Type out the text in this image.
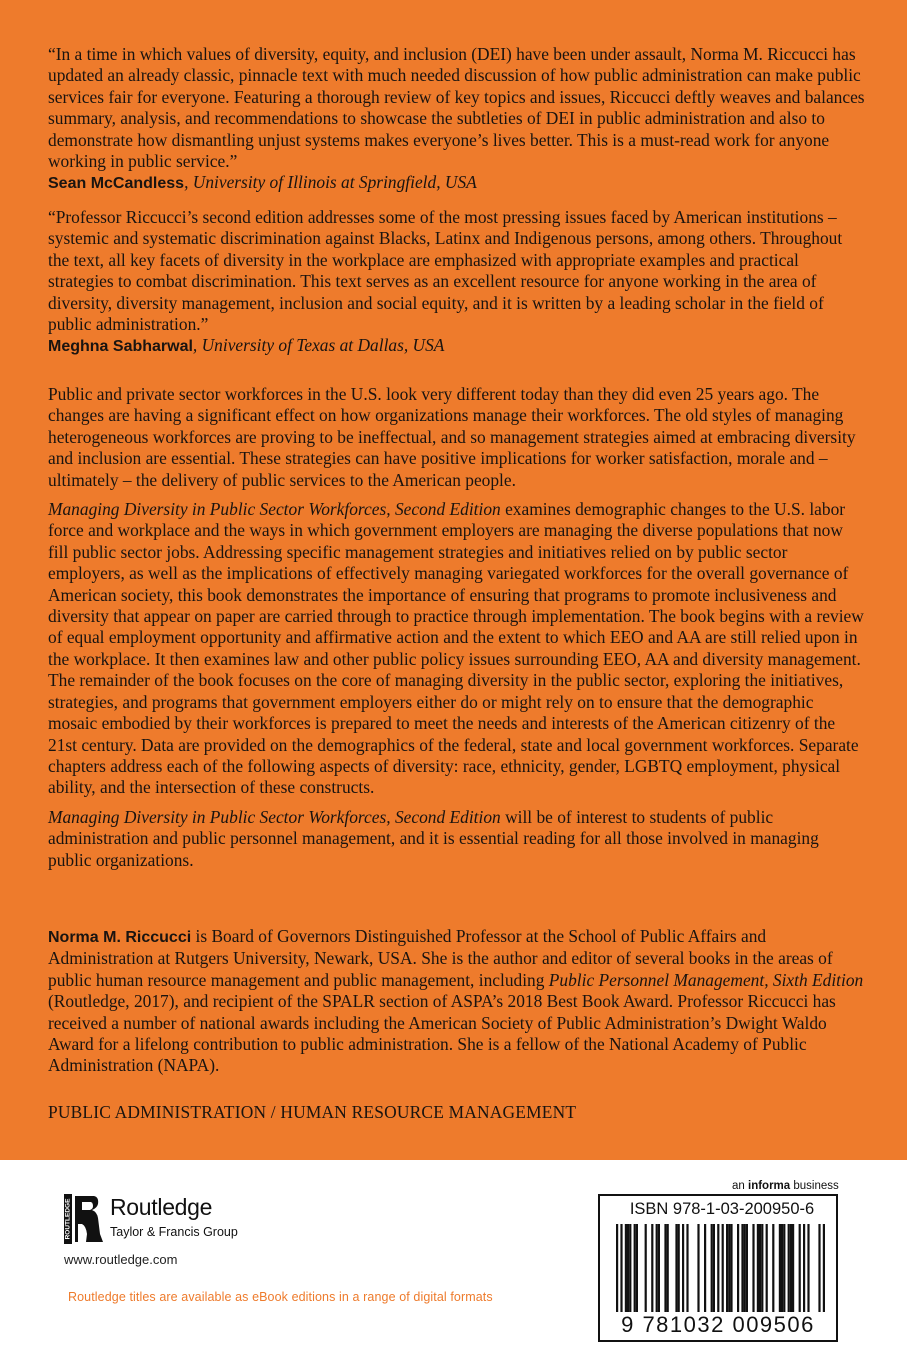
“In a time in which values of diversity, equity, and inclusion (DEI) have been under assault, Norma M. Riccucci has updated an already classic, pinnacle text with much needed discussion of how public administration can make public services fair for everyone. Featuring a thorough review of key topics and issues, Riccucci deftly weaves and balances summary, analysis, and recommendations to showcase the subtleties of DEI in public administration and also to demonstrate how dismantling unjust systems makes everyone’s lives better. This is a must-read work for anyone working in public service.”

Sean McCandless, University of Illinois at Springfield, USA

“Professor Riccucci’s second edition addresses some of the most pressing issues faced by American institutions – systemic and systematic discrimination against Blacks, Latinx and Indigenous persons, among others. Throughout the text, all key facets of diversity in the workplace are emphasized with appropriate examples and practical strategies to combat discrimination. This text serves as an excellent resource for anyone working in the area of diversity, diversity management, inclusion and social equity, and it is written by a leading scholar in the field of public administration.”

Meghna Sabharwal, University of Texas at Dallas, USA

Public and private sector workforces in the U.S. look very different today than they did even 25 years ago. The changes are having a significant effect on how organizations manage their workforces. The old styles of managing heterogeneous workforces are proving to be ineffectual, and so management strategies aimed at embracing diversity and inclusion are essential. These strategies can have positive implications for worker satisfaction, morale and – ultimately – the delivery of public services to the American people.

Managing Diversity in Public Sector Workforces, Second Edition examines demographic changes to the U.S. labor force and workplace and the ways in which government employers are managing the diverse populations that now fill public sector jobs. Addressing specific management strategies and initiatives relied on by public sector employers, as well as the implications of effectively managing variegated workforces for the overall governance of American society, this book demonstrates the importance of ensuring that programs to promote inclusiveness and diversity that appear on paper are carried through to practice through implementation. The book begins with a review of equal employment opportunity and affirmative action and the extent to which EEO and AA are still relied upon in the workplace. It then examines law and other public policy issues surrounding EEO, AA and diversity management. The remainder of the book focuses on the core of managing diversity in the public sector, exploring the initiatives, strategies, and programs that government employers either do or might rely on to ensure that the demographic mosaic embodied by their workforces is prepared to meet the needs and interests of the American citizenry of the 21st century. Data are provided on the demographics of the federal, state and local government workforces. Separate chapters address each of the following aspects of diversity: race, ethnicity, gender, LGBTQ employment, physical ability, and the intersection of these constructs.

Managing Diversity in Public Sector Workforces, Second Edition will be of interest to students of public administration and public personnel management, and it is essential reading for all those involved in managing public organizations.

Norma M. Riccucci is Board of Governors Distinguished Professor at the School of Public Affairs and Administration at Rutgers University, Newark, USA. She is the author and editor of several books in the areas of public human resource management and public management, including Public Personnel Management, Sixth Edition (Routledge, 2017), and recipient of the SPALR section of ASPA’s 2018 Best Book Award. Professor Riccucci has received a number of national awards including the American Society of Public Administration’s Dwight Waldo Award for a lifelong contribution to public administration. She is a fellow of the National Academy of Public Administration (NAPA).

PUBLIC ADMINISTRATION / HUMAN RESOURCE MANAGEMENT
ROUTLEDGE Routledge
Taylor & Francis Group
www.routledge.com
Routledge titles are available as eBook editions in a range of digital formats
an informa business
ISBN 978-1-03-200950-6
9 781032 009506
